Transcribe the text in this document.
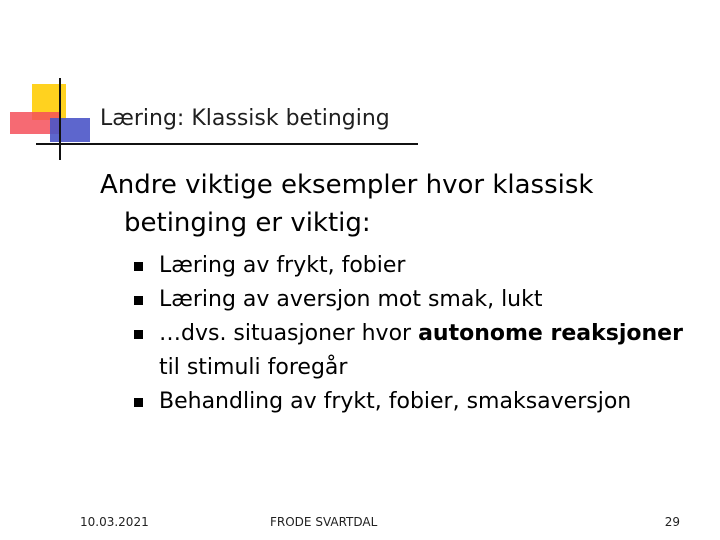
Læring: Klassisk betinging
Andre viktige eksempler hvor klassisk
betinging er viktig:
Læring av frykt, fobier
Læring av aversjon mot smak, lukt
…dvs. situasjoner hvor autonome reaksjoner til stimuli foregår
Behandling av frykt, fobier, smaksaversjon
10.03.2021	FRODE SVARTDAL	29
